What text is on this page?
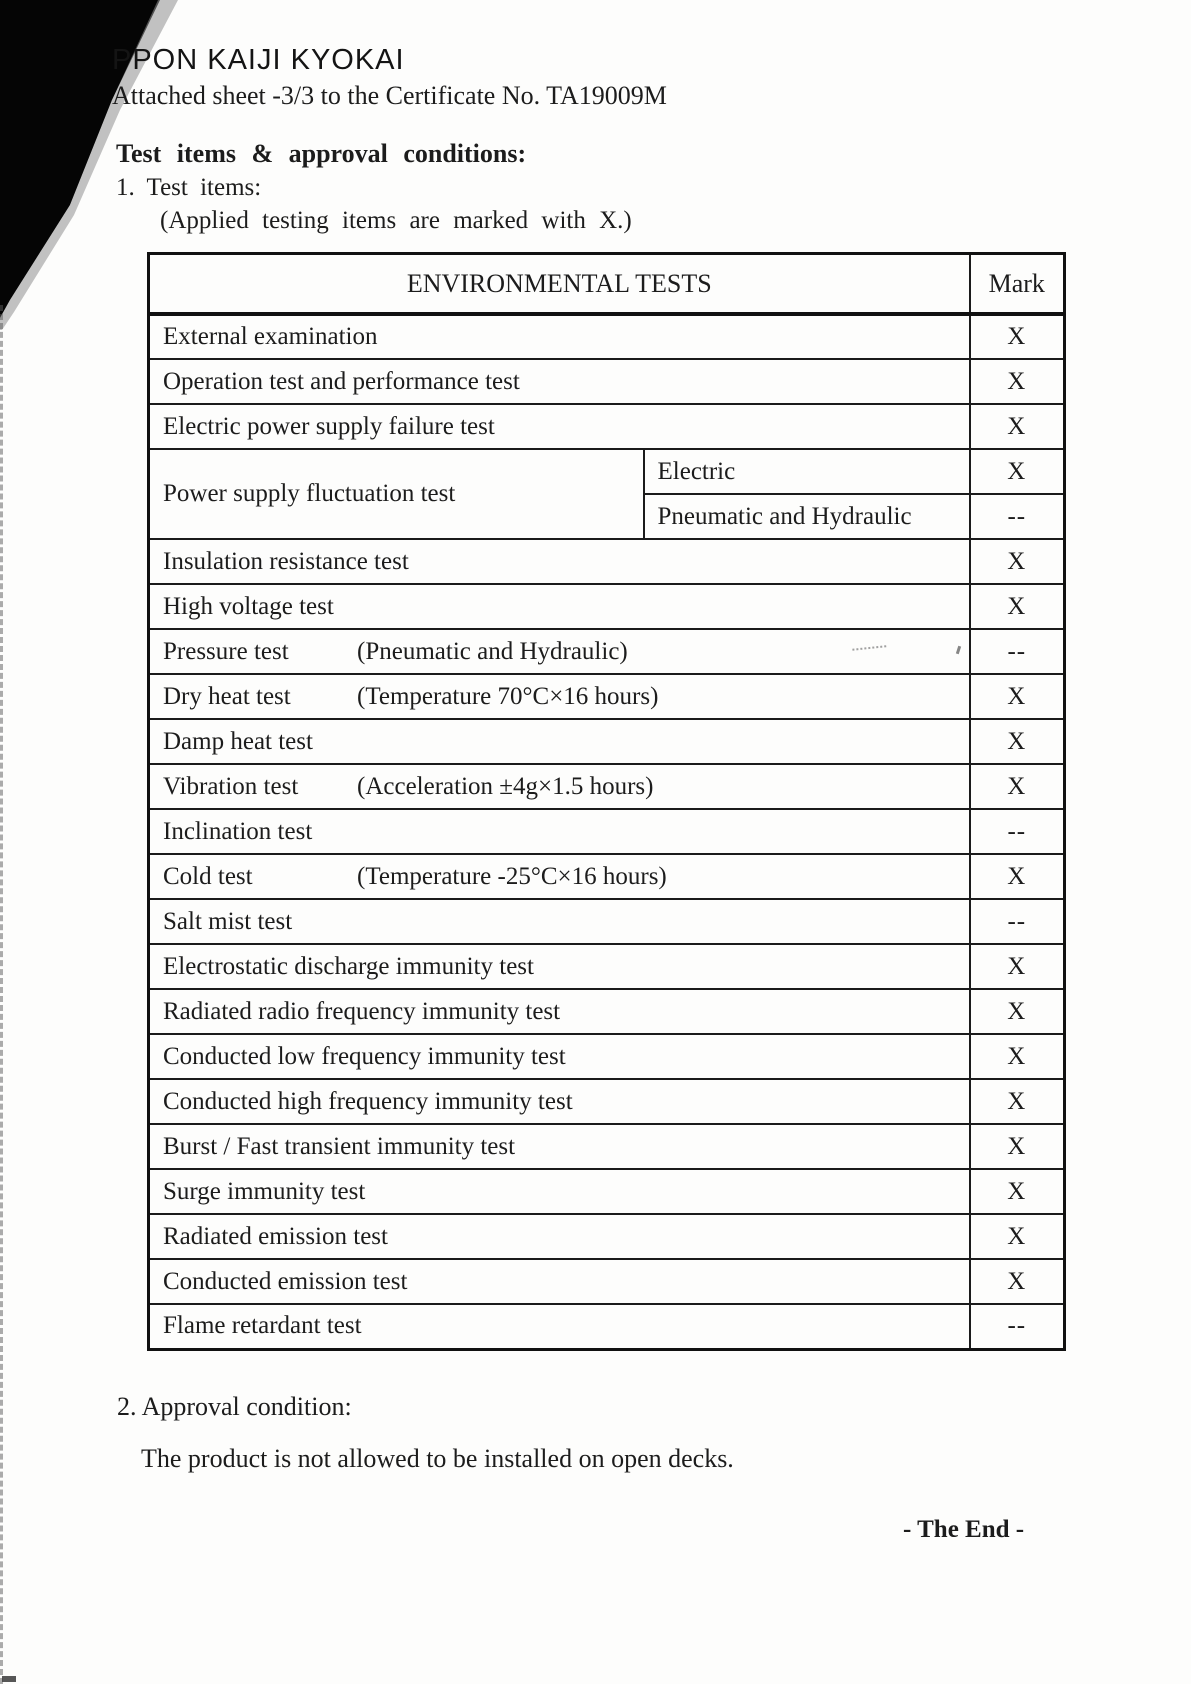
PPON KAIJI KYOKAI
Attached sheet -3/3 to the Certificate No. TA19009M
Test items & approval conditions:
1. Test items:
(Applied testing items are marked with X.)
ENVIRONMENTAL TESTS		Mark
External examination		X
Operation test and performance test		X
Electric power supply failure test		X
Power supply fluctuation test	Electric	X
	Pneumatic and Hydraulic	--
Insulation resistance test		X
High voltage test		X
Pressure test (Pneumatic and Hydraulic)		--
Dry heat test (Temperature 70°C×16 hours)		X
Damp heat test		X
Vibration test (Acceleration ±4g×1.5 hours)		X
Inclination test		--
Cold test (Temperature -25°C×16 hours)		X
Salt mist test		--
Electrostatic discharge immunity test		X
Radiated radio frequency immunity test		X
Conducted low frequency immunity test		X
Conducted high frequency immunity test		X
Burst / Fast transient immunity test		X
Surge immunity test		X
Radiated emission test		X
Conducted emission test		X
Flame retardant test		--
2. Approval condition:
The product is not allowed to be installed on open decks.
- The End -
